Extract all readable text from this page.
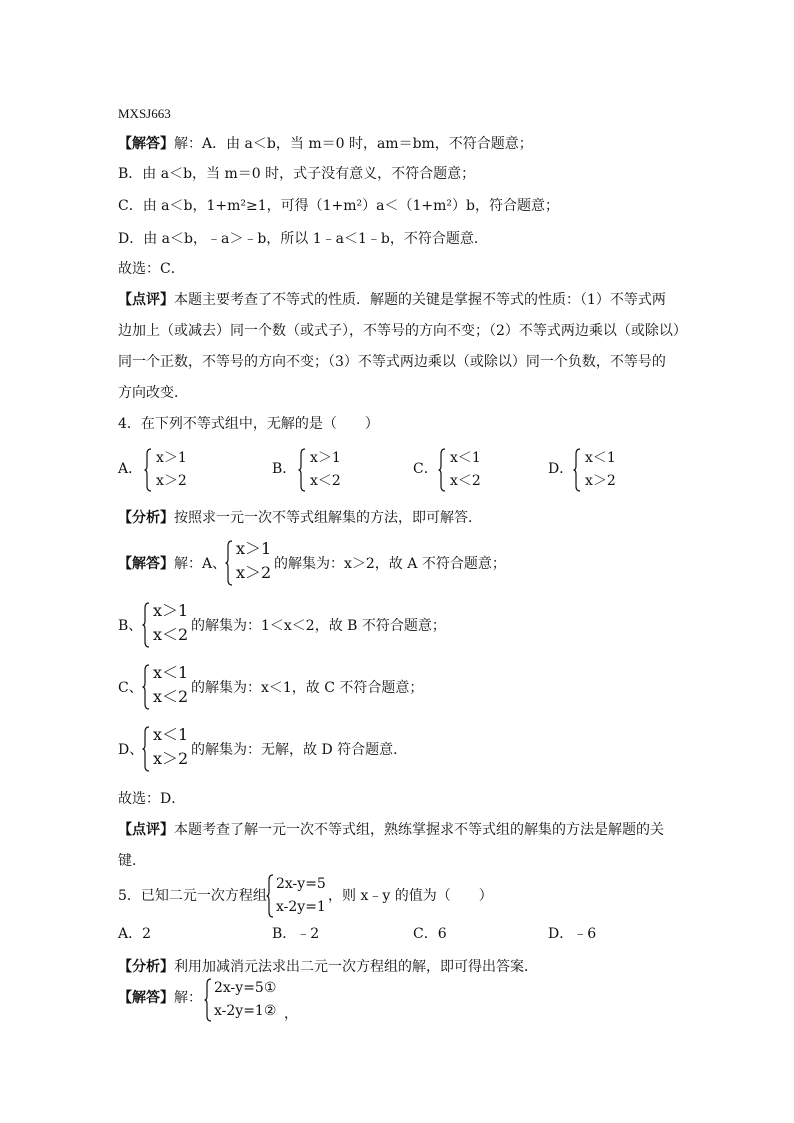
MXSJ663
【解答】解：A．由 a＜b，当 m＝0 时，am＝bm，不符合题意；
B．由 a＜b，当 m＝0 时，式子没有意义，不符合题意；
C．由 a＜b，1+m²≥1，可得（1+m²）a＜（1+m²）b，符合题意；
D．由 a＜b，﹣a＞﹣b，所以 1﹣a＜1﹣b，不符合题意．
故选：C．
【点评】本题主要考查了不等式的性质．解题的关键是掌握不等式的性质：（1）不等式两
边加上（或减去）同一个数（或式子），不等号的方向不变；（2）不等式两边乘以（或除以）
同一个正数，不等号的方向不变；（3）不等式两边乘以（或除以）同一个负数，不等号的
方向改变．
4．在下列不等式组中，无解的是（　　）
A．
x＞1
x＞2
B．
x＞1
x＜2
C．
x＜1
x＜2
D．
x＜1
x＞2
【分析】按照求一元一次不等式组解集的方法，即可解答．
【解答】解：A、
x＞1
x＞2 的解集为：x＞2，故 A 不符合题意；
B、
x＞1
x＜2 的解集为：1＜x＜2，故 B 不符合题意；
C、
x＜1
x＜2 的解集为：x＜1，故 C 不符合题意；
D、
x＜1
x＞2 的解集为：无解，故 D 符合题意．
故选：D．
【点评】本题考查了解一元一次不等式组，熟练掌握求不等式组的解集的方法是解题的关
键．
5．已知二元一次方程组
2x-y=5
x-2y=1
，则 x﹣y 的值为（　　）
A．2	B．﹣2	C．6	D．﹣6
【分析】利用加减消元法求出二元一次方程组的解，即可得出答案．
【解答】解：
2x-y=5①
x-2y=1② ，
